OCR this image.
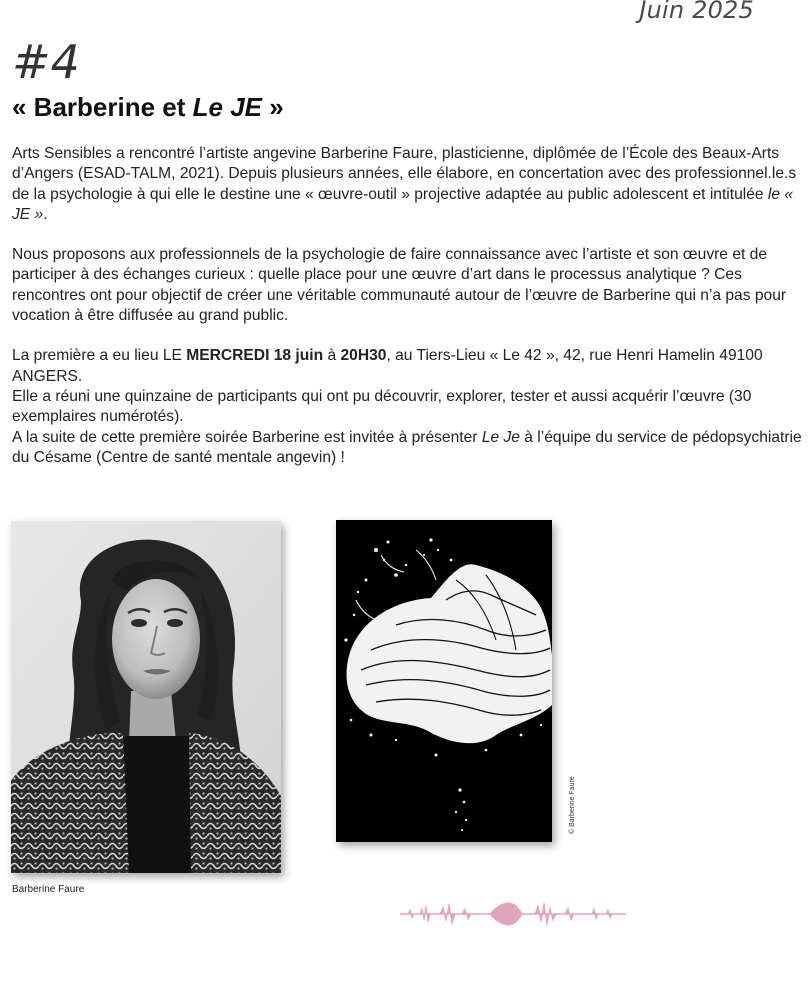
Juin 2025
#4
« Barberine et Le JE »

Arts Sensibles a rencontré l’artiste angevine Barberine Faure, plasticienne, diplômée de l’École des Beaux-Arts d’Angers (ESAD-TALM, 2021). Depuis plusieurs années, elle élabore, en concertation avec des professionnel.le.s de la psychologie à qui elle le destine une « œuvre-outil » projective adaptée au public adolescent et intitulée le « JE ».

Nous proposons aux professionnels de la psychologie de faire connaissance avec l’artiste et son œuvre et de participer à des échanges curieux : quelle place pour une œuvre d’art dans le processus analytique ? Ces rencontres ont pour objectif de créer une véritable communauté autour de l’œuvre de Barberine qui n’a pas pour vocation à être diffusée au grand public.

La première a eu lieu LE MERCREDI 18 juin à 20H30, au Tiers-Lieu « Le 42 », 42, rue Henri Hamelin 49100 ANGERS.
Elle a réuni une quinzaine de participants qui ont pu découvrir, explorer, tester et aussi acquérir l’œuvre (30 exemplaires numérotés).
A la suite de cette première soirée Barberine est invitée à présenter Le Je à l’équipe du service de pédopsychiatrie du Césame (Centre de santé mentale angevin) !

Barberine Faure
© Barberine Faure
